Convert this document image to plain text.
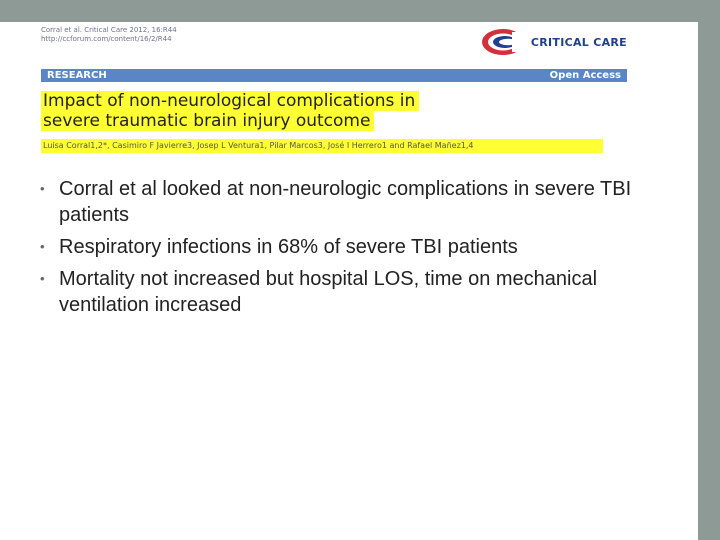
Corral et al. Critical Care 2012, 16:R44
http://ccforum.com/content/16/2/R44	CRITICAL CARE
RESEARCH	Open Access
Impact of non-neurological complications in
severe traumatic brain injury outcome
Luisa Corral1,2*, Casimiro F Javierre3, Josep L Ventura1, Pilar Marcos3, José I Herrero1 and Rafael Mañez1,4
• Corral et al looked at non-neurologic complications in severe TBI patients
• Respiratory infections in 68% of severe TBI patients
• Mortality not increased but hospital LOS, time on mechanical ventilation increased
